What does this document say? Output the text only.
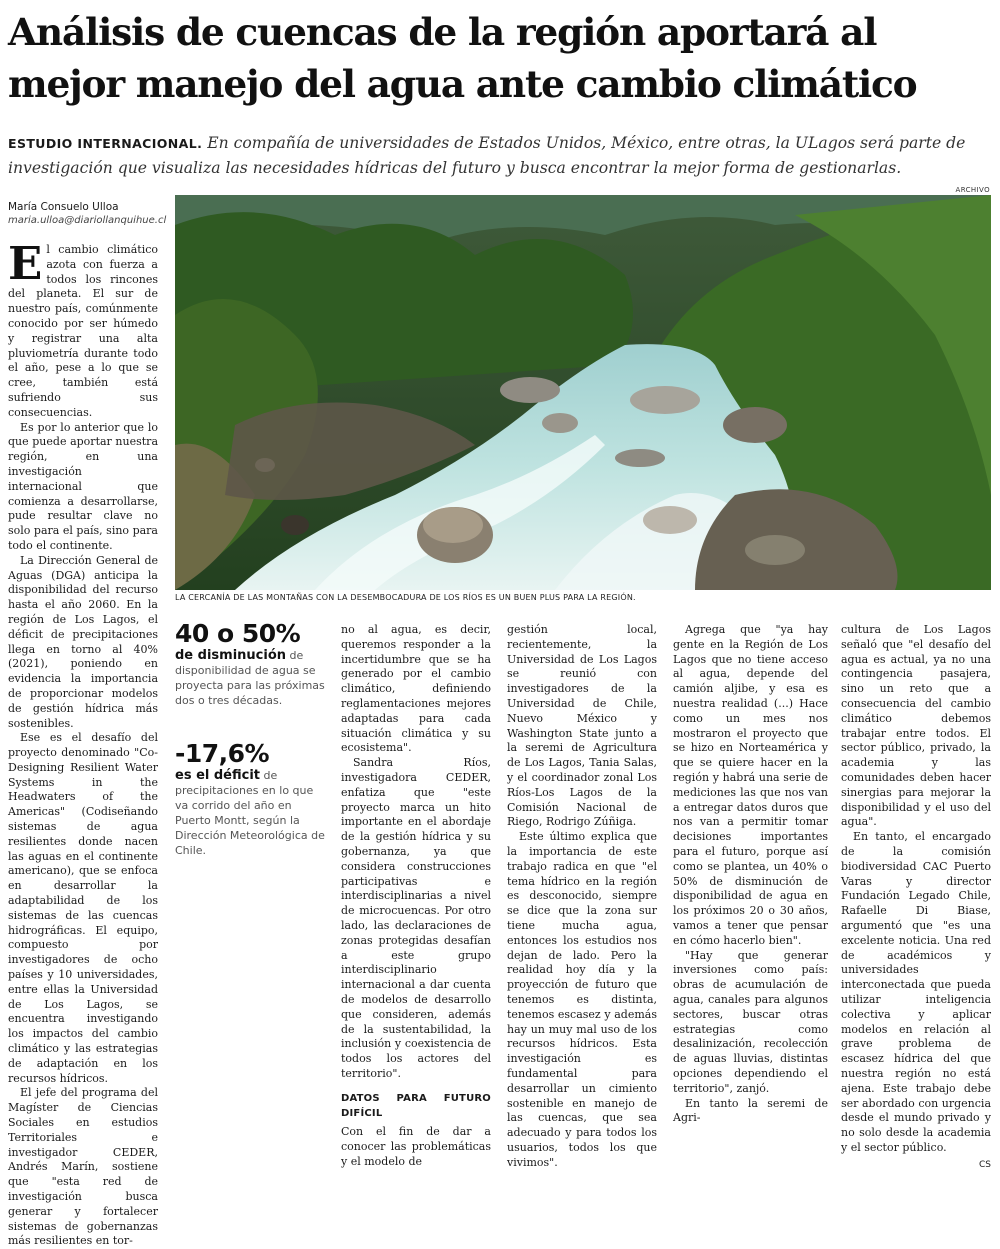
Análisis de cuencas de la región aportará al mejor manejo del agua ante cambio climático
ESTUDIO INTERNACIONAL. En compañía de universidades de Estados Unidos, México, entre otras, la ULagos será parte de investigación que visualiza las necesidades hídricas del futuro y busca encontrar la mejor forma de gestionarlas.
María Consuelo Ulloa
maria.ulloa@diariollanquihue.cl
ARCHIVO
LA CERCANÍA DE LAS MONTAÑAS CON LA DESEMBOCADURA DE LOS RÍOS ES UN BUEN PLUS PARA LA REGIÓN.

El cambio climático azota con fuerza a todos los rincones del planeta. El sur de nuestro país, comúnmente conocido por ser húmedo y registrar una alta pluviometría durante todo el año, pese a lo que se cree, también está sufriendo sus consecuencias.

Es por lo anterior que lo que puede aportar nuestra región, en una investigación internacional que comienza a desarrollarse, pude resultar clave no solo para el país, sino para todo el continente.

La Dirección General de Aguas (DGA) anticipa la disponibilidad del recurso hasta el año 2060. En la región de Los Lagos, el déficit de precipitaciones llega en torno al 40% (2021), poniendo en evidencia la importancia de proporcionar modelos de gestión hídrica más sostenibles.

Ese es el desafío del proyecto denominado "Co-Designing Resilient Water Systems in the Headwaters of the Americas" (Codiseñando sistemas de agua resilientes donde nacen las aguas en el continente americano), que se enfoca en desarrollar la adaptabilidad de los sistemas de las cuencas hidrográficas. El equipo, compuesto por investigadores de ocho países y 10 universidades, entre ellas la Universidad de Los Lagos, se encuentra investigando los impactos del cambio climático y las estrategias de adaptación en los recursos hídricos.

El jefe del programa del Magíster de Ciencias Sociales en estudios Territoriales e investigador CEDER, Andrés Marín, sostiene que "esta red de investigación busca generar y fortalecer sistemas de gobernanzas más resilientes en tor-

40 o 50%
de disminución de disponibilidad de agua se proyecta para las próximas dos o tres décadas.
-17,6%
es el déficit de precipitaciones en lo que va corrido del año en Puerto Montt, según la Dirección Meteorológica de Chile.

no al agua, es decir, queremos responder a la incertidumbre que se ha generado por el cambio climático, definiendo reglamentaciones mejores adaptadas para cada situación climática y su ecosistema".

Sandra Ríos, investigadora CEDER, enfatiza que "este proyecto marca un hito importante en el abordaje de la gestión hídrica y su gobernanza, ya que considera construcciones participativas e interdisciplinarias a nivel de microcuencas. Por otro lado, las declaraciones de zonas protegidas desafían a este grupo interdisciplinario internacional a dar cuenta de modelos de desarrollo que consideren, además de la sustentabilidad, la inclusión y coexistencia de todos los actores del territorio".

DATOS PARA FUTURO DIFÍCIL

Con el fin de dar a conocer las problemáticas y el modelo de

gestión local, recientemente, la Universidad de Los Lagos se reunió con investigadores de la Universidad de Chile, Nuevo México y Washington State junto a la seremi de Agricultura de Los Lagos, Tania Salas, y el coordinador zonal Los Ríos-Los Lagos de la Comisión Nacional de Riego, Rodrigo Zúñiga.

Este último explica que la importancia de este trabajo radica en que "el tema hídrico en la región es desconocido, siempre se dice que la zona sur tiene mucha agua, entonces los estudios nos dejan de lado. Pero la realidad hoy día y la proyección de futuro que tenemos es distinta, tenemos escasez y además hay un muy mal uso de los recursos hídricos. Esta investigación es fundamental para desarrollar un cimiento sostenible en manejo de las cuencas, que sea adecuado y para todos los usuarios, todos los que vivimos".

Agrega que "ya hay gente en la Región de Los Lagos que no tiene acceso al agua, depende del camión aljibe, y esa es nuestra realidad (...) Hace como un mes nos mostraron el proyecto que se hizo en Norteamérica y que se quiere hacer en la región y habrá una serie de mediciones las que nos van a entregar datos duros que nos van a permitir tomar decisiones importantes para el futuro, porque así como se plantea, un 40% o 50% de disminución de disponibilidad de agua en los próximos 20 o 30 años, vamos a tener que pensar en cómo hacerlo bien".

"Hay que generar inversiones como país: obras de acumulación de agua, canales para algunos sectores, buscar otras estrategias como desalinización, recolección de aguas lluvias, distintas opciones dependiendo el territorio", zanjó.

En tanto la seremi de Agri-

cultura de Los Lagos señaló que "el desafío del agua es actual, ya no una contingencia pasajera, sino un reto que a consecuencia del cambio climático debemos trabajar entre todos. El sector público, privado, la academia y las comunidades deben hacer sinergias para mejorar la disponibilidad y el uso del agua".

En tanto, el encargado de la comisión biodiversidad CAC Puerto Varas y director Fundación Legado Chile, Rafaelle Di Biase, argumentó que "es una excelente noticia. Una red de académicos y universidades interconectada que pueda utilizar inteligencia colectiva y aplicar modelos en relación al grave problema de escasez hídrica del que nuestra región no está ajena. Este trabajo debe ser abordado con urgencia desde el mundo privado y no solo desde la academia y el sector público.

CS
